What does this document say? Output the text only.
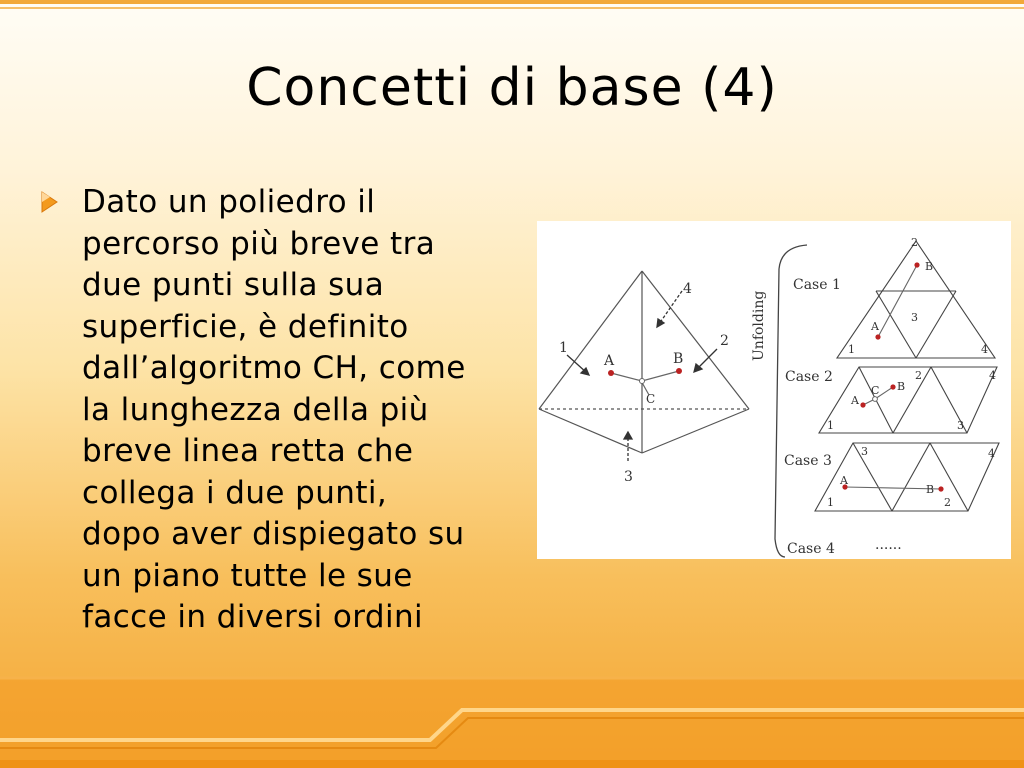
Concetti di base (4)
Dato un poliedro il
percorso più breve tra
due punti sulla sua
superficie, è definito
dall’algoritmo CH, come
la lunghezza della più
breve linea retta che
collega i due punti,
dopo aver dispiegato su
un piano tutte le sue
facce in diversi ordini
A	B
C
1	2
3
4
Unfolding
Case 1
2
3
1	4
A
B
Case 2	2	4
1	3
A
C B
Case 3
3	4
1	2
A
B
Case 4	......
